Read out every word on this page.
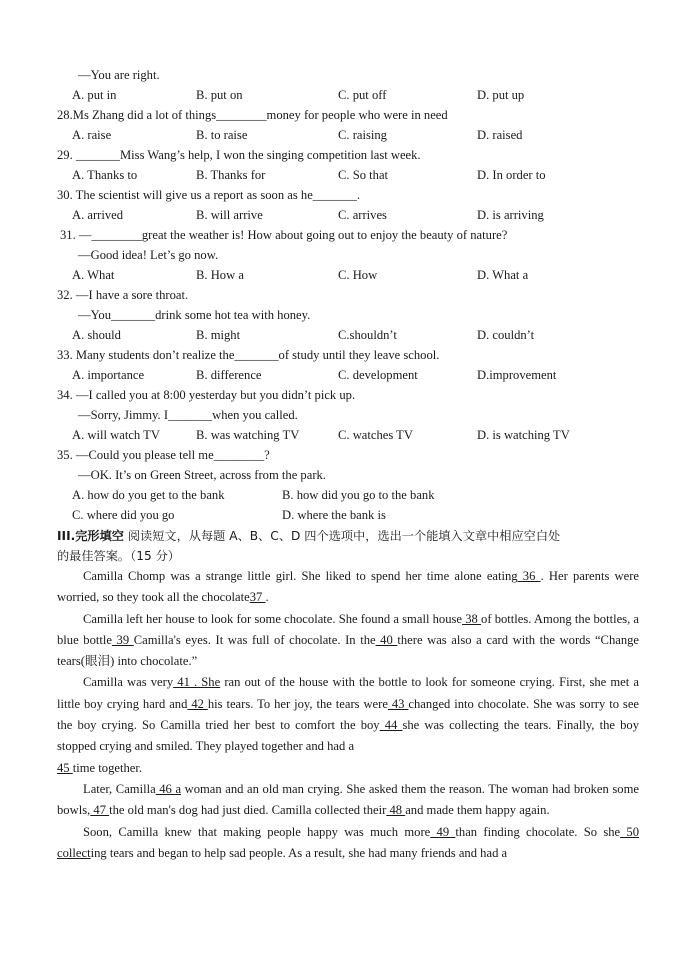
—You are right.
A. put in	B. put on	C. put off	D. put up
28.Ms Zhang did a lot of things________money for people who were in need
A. raise	B. to raise	C. raising	D. raised
29. _______Miss Wang’s help, I won the singing competition last week.
A. Thanks to	B. Thanks for	C. So that	D. In order to
30. The scientist will give us a report as soon as he_______.
A. arrived	B. will arrive	C. arrives	D. is arriving
31. —________great the weather is! How about going out to enjoy the beauty of nature?
—Good idea! Let’s go now.
A. What	B. How a	C. How	D. What a
32. —I have a sore throat.
—You_______drink some hot tea with honey.
A. should	B. might	C.shouldn’t	D. couldn’t
33. Many students don’t realize the_______of study until they leave school.
A. importance	B. difference	C. development	D.improvement
34. —I called you at 8:00 yesterday but you didn’t pick up.
—Sorry, Jimmy. I_______when you called.
A. will watch TV	B. was watching TV	C. watches TV	D. is watching TV
35. —Could you please tell me________?
—OK. It’s on Green Street, across from the park.
A. how do you get to the bank	B. how did you go to the bank
C. where did you go	D. where the bank is
III.完形填空 阅读短文，从每题 A、B、C、D 四个选项中，选出一个能填入文章中相应空白处
的最佳答案。（15 分）

Camilla Chomp was a strange little girl. She liked to spend her time alone eating 36 . Her parents were worried, so they took all the chocolate37 .

Camilla left her house to look for some chocolate. She found a small house 38 of bottles. Among the bottles, a blue bottle 39 Camilla's eyes. It was full of chocolate. In the 40 there was also a card with the words “Change tears(眼泪) into chocolate.”

Camilla was very 41 . She ran out of the house with the bottle to look for someone crying. First, she met a little boy crying hard and 42 his tears. To her joy, the tears were 43 changed into chocolate. She was sorry to see the boy crying. So Camilla tried her best to comfort the boy 44 she was collecting the tears. Finally, the boy stopped crying and smiled. They played together and had a
45 time together.

Later, Camilla 46 a woman and an old man crying. She asked them the reason. The woman had broken some bowls, 47 the old man's dog had just died. Camilla collected their 48 and made them happy again.

Soon, Camilla knew that making people happy was much more 49 than finding chocolate. So she 50 collecting tears and began to help sad people. As a result, she had many friends and had a
